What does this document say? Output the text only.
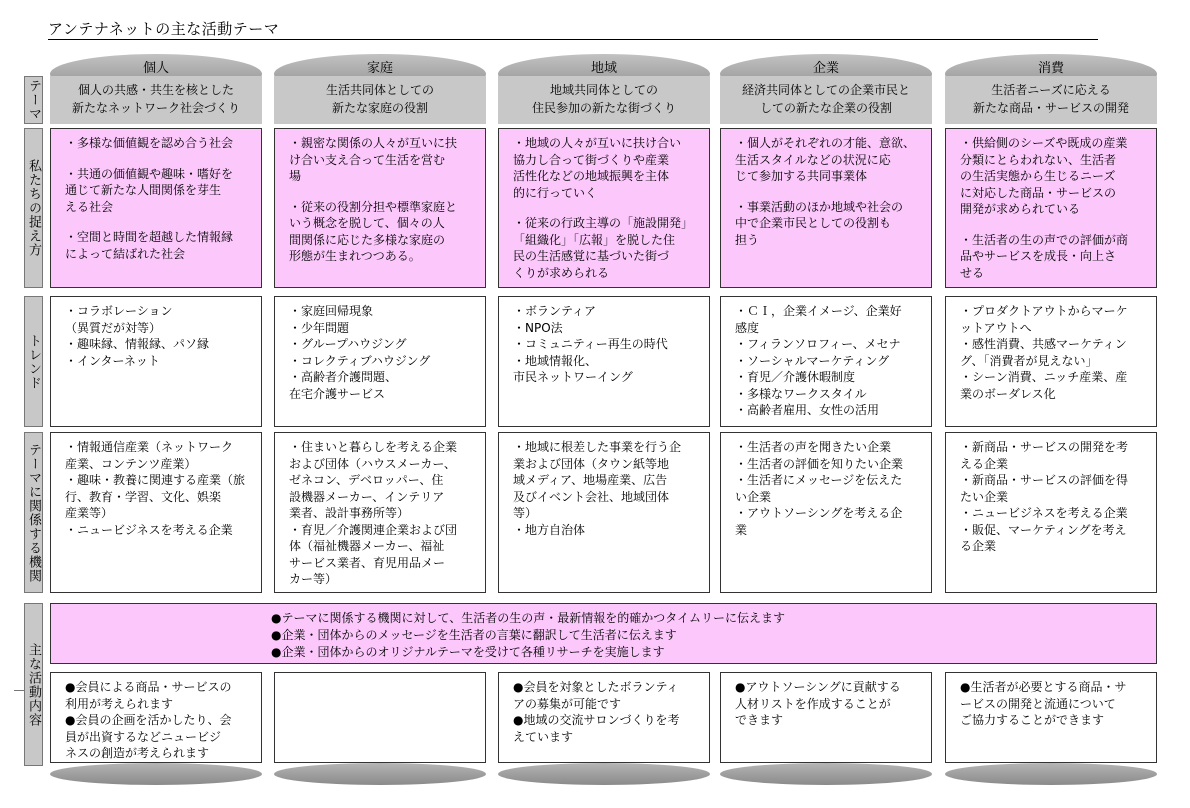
アンテナネットの主な活動テーマ
テーマ
私たちの捉え方
トレンド
テーマに関係する機関
主な活動内容
個人
個人の共感・共生を核とした
新たなネットワーク社会づくり
・多様な価値観を認め合う社会
・共通の価値観や趣味・嗜好を
通じて新たな人間関係を芽生
える社会
・空間と時間を超越した情報縁
によって結ばれた社会
・コラボレーション
（異質だが対等）
・趣味縁、情報縁、パソ縁
・インターネット
・情報通信産業（ネットワーク
産業、コンテンツ産業）
・趣味・教養に関連する産業（旅
行、教育・学習、文化、娯楽
産業等）
・ニュービジネスを考える企業
●会員による商品・サービスの
利用が考えられます
●会員の企画を活かしたり、会
員が出資するなどニュービジ
ネスの創造が考えられます
家庭
生活共同体としての
新たな家庭の役割
・親密な関係の人々が互いに扶
け合い支え合って生活を営む
場
・従来の役割分担や標準家庭と
いう概念を脱して、個々の人
間関係に応じた多様な家庭の
形態が生まれつつある。
・家庭回帰現象
・少年問題
・グループハウジング
・コレクティブハウジング
・高齢者介護問題、
在宅介護サービス
・住まいと暮らしを考える企業
および団体（ハウスメーカー、
ゼネコン、デベロッパー、住
設機器メーカー、インテリア
業者、設計事務所等）
・育児／介護関連企業および団
体（福祉機器メーカー、福祉
サービス業者、育児用品メー
カー等）
地域
地域共同体としての
住民参加の新たな街づくり
・地域の人々が互いに扶け合い
協力し合って街づくりや産業
活性化などの地域振興を主体
的に行っていく
・従来の行政主導の「施設開発」
「組織化」「広報」を脱した住
民の生活感覚に基づいた街づ
くりが求められる
・ボランティア
・NPO法
・コミュニティー再生の時代
・地域情報化、
市民ネットワーイング
・地域に根差した事業を行う企
業および団体（タウン紙等地
域メディア、地場産業、広告
及びイベント会社、地域団体
等）
・地方自治体
●会員を対象としたボランティ
アの募集が可能です
●地域の交流サロンづくりを考
えています
企業
経済共同体としての企業市民と
しての新たな企業の役割
・個人がそれぞれの才能、意欲、
生活スタイルなどの状況に応
じて参加する共同事業体
・事業活動のほか地域や社会の
中で企業市民としての役割も
担う
・ＣＩ，企業イメージ、企業好
感度
・フィランソロフィー、メセナ
・ソーシャルマーケティング
・育児／介護休暇制度
・多様なワークスタイル
・高齢者雇用、女性の活用
・生活者の声を聞きたい企業
・生活者の評価を知りたい企業
・生活者にメッセージを伝えた
い企業
・アウトソーシングを考える企
業
●アウトソーシングに貢献する
人材リストを作成することが
できます
消費
生活者ニーズに応える
新たな商品・サービスの開発
・供給側のシーズや既成の産業
分類にとらわれない、生活者
の生活実態から生じるニーズ
に対応した商品・サービスの
開発が求められている
・生活者の生の声での評価が商
品やサービスを成長・向上さ
せる
・プロダクトアウトからマーケ
ットアウトへ
・感性消費、共感マーケティン
グ、「消費者が見えない」
・シーン消費、ニッチ産業、産
業のボーダレス化
・新商品・サービスの開発を考
える企業
・新商品・サービスの評価を得
たい企業
・ニュービジネスを考える企業
・販促、マーケティングを考え
る企業
●生活者が必要とする商品・サ
ービスの開発と流通について
ご協力することができます
●テーマに関係する機関に対して、生活者の生の声・最新情報を的確かつタイムリーに伝えます
●企業・団体からのメッセージを生活者の言葉に翻訳して生活者に伝えます
●企業・団体からのオリジナルテーマを受けて各種リサーチを実施します
